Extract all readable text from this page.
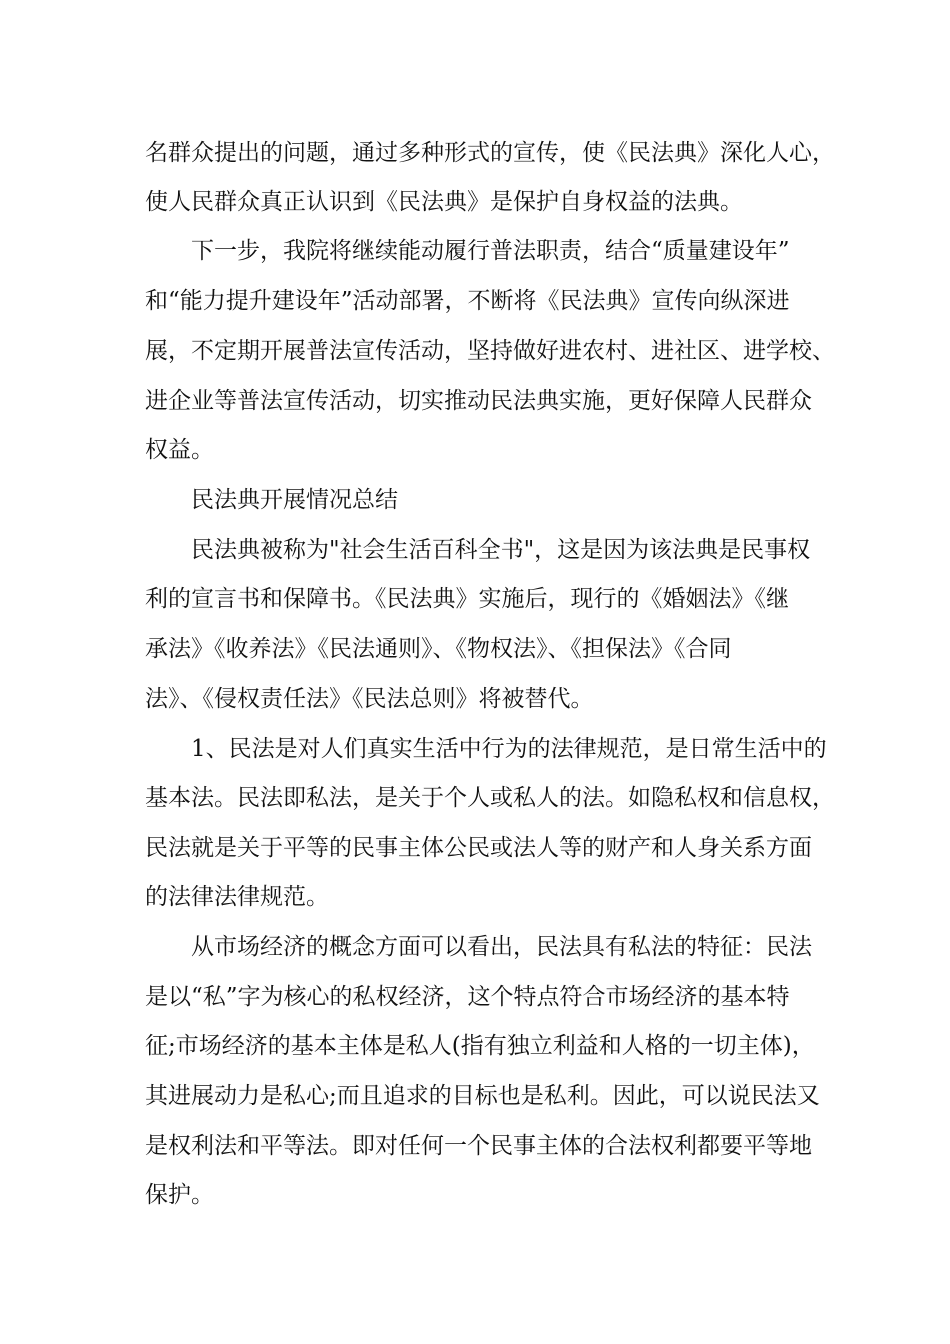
名群众提出的问题，通过多种形式的宣传，使《民法典》深化人心，
使人民群众真正认识到《民法典》是保护自身权益的法典。
下一步，我院将继续能动履行普法职责，结合“质量建设年”
和“能力提升建设年”活动部署，不断将《民法典》宣传向纵深进
展，不定期开展普法宣传活动，坚持做好进农村、进社区、进学校、
进企业等普法宣传活动，切实推动民法典实施，更好保障人民群众
权益。
民法典开展情况总结
民法典被称为"社会生活百科全书"，这是因为该法典是民事权
利的宣言书和保障书。《民法典》实施后，现行的《婚姻法》《继
承法》《收养法》《民法通则》、《物权法》、《担保法》《合同
法》、《侵权责任法》《民法总则》将被替代。
1、民法是对人们真实生活中行为的法律规范，是日常生活中的
基本法。民法即私法，是关于个人或私人的法。如隐私权和信息权，
民法就是关于平等的民事主体公民或法人等的财产和人身关系方面
的法律法律规范。
从市场经济的概念方面可以看出，民法具有私法的特征：民法
是以“私”字为核心的私权经济，这个特点符合市场经济的基本特
征;市场经济的基本主体是私人(指有独立利益和人格的一切主体)，
其进展动力是私心;而且追求的目标也是私利。因此，可以说民法又
是权利法和平等法。即对任何一个民事主体的合法权利都要平等地
保护。
